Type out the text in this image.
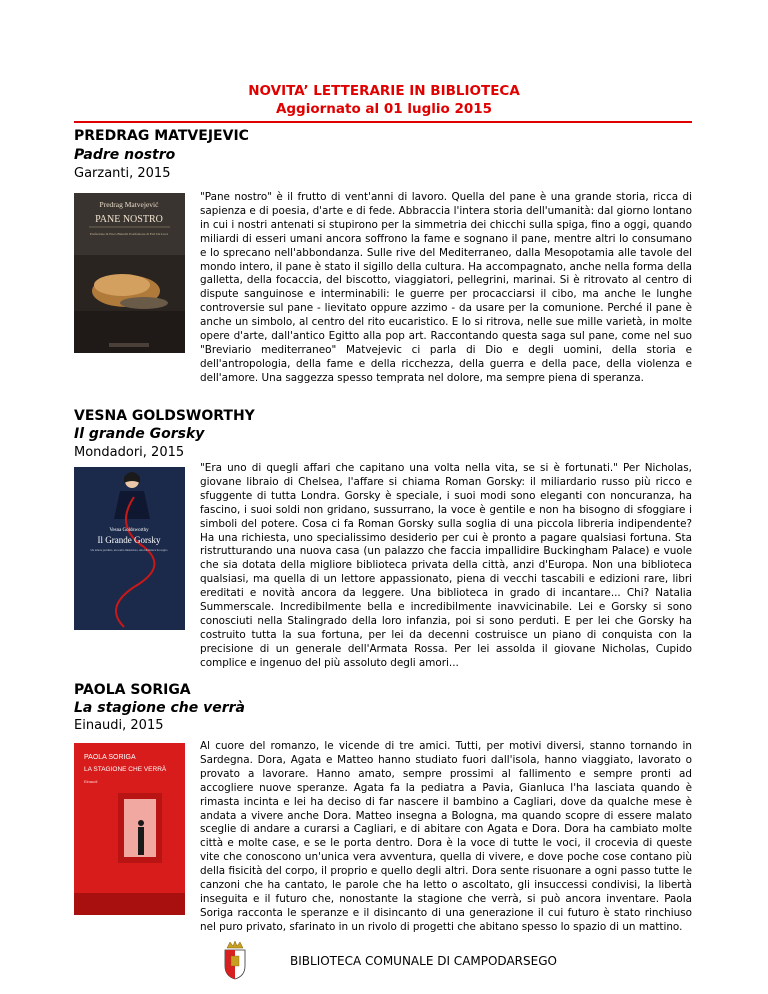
NOVITA’ LETTERARIE IN BIBLIOTECA
Aggiornato al 01 luglio 2015
PREDRAG MATVEJEVIC
Padre nostro
Garzanti, 2015
Predrag Matvejević
PANE NOSTRO
Prefazione di Enzo Bianchi Postfazione di Erri De Luca

"Pane nostro" è il frutto di vent'anni di lavoro. Quella del pane è una grande storia, ricca di sapienza e di poesia, d'arte e di fede. Abbraccia l'intera storia dell'umanità: dal giorno lontano in cui i nostri antenati si stupirono per la simmetria dei chicchi sulla spiga, fino a oggi, quando miliardi di esseri umani ancora soffrono la fame e sognano il pane, mentre altri lo consumano e lo sprecano nell'abbondanza. Sulle rive del Mediterraneo, dalla Mesopotamia alle tavole del mondo intero, il pane è stato il sigillo della cultura. Ha accompagnato, anche nella forma della galletta, della focaccia, del biscotto, viaggiatori, pellegrini, marinai. Si è ritrovato al centro di dispute sanguinose e interminabili: le guerre per procacciarsi il cibo, ma anche le lunghe controversie sul pane - lievitato oppure azzimo - da usare per la comunione. Perché il pane è anche un simbolo, al centro del rito eucaristico. E lo si ritrova, nelle sue mille varietà, in molte opere d'arte, dall'antico Egitto alla pop art. Raccontando questa saga sul pane, come nel suo "Breviario mediterraneo" Matvejevic ci parla di Dio e degli uomini, della storia e dell'antropologia, della fame e della ricchezza, della guerra e della pace, della violenza e dell'amore. Una saggezza spesso temprata nel dolore, ma sempre piena di speranza.

VESNA GOLDSWORTHY
Il grande Gorsky
Mondadori, 2015
Vesna Goldsworthy
Il Grande Gorsky
Un amore perduto, un uomo misterioso, una biblioteca da sogno

"Era uno di quegli affari che capitano una volta nella vita, se si è fortunati." Per Nicholas, giovane libraio di Chelsea, l'affare si chiama Roman Gorsky: il miliardario russo più ricco e sfuggente di tutta Londra. Gorsky è speciale, i suoi modi sono eleganti con noncuranza, ha fascino, i suoi soldi non gridano, sussurrano, la voce è gentile e non ha bisogno di sfoggiare i simboli del potere. Cosa ci fa Roman Gorsky sulla soglia di una piccola libreria indipendente? Ha una richiesta, uno specialissimo desiderio per cui è pronto a pagare qualsiasi fortuna. Sta ristrutturando una nuova casa (un palazzo che faccia impallidire Buckingham Palace) e vuole che sia dotata della migliore biblioteca privata della città, anzi d'Europa. Non una biblioteca qualsiasi, ma quella di un lettore appassionato, piena di vecchi tascabili e edizioni rare, libri ereditati e novità ancora da leggere. Una biblioteca in grado di incantare... Chi? Natalia Summerscale. Incredibilmente bella e incredibilmente inavvicinabile. Lei e Gorsky si sono conosciuti nella Stalingrado della loro infanzia, poi si sono perduti. E per lei che Gorsky ha costruito tutta la sua fortuna, per lei da decenni costruisce un piano di conquista con la precisione di un generale dell'Armata Rossa. Per lei assolda il giovane Nicholas, Cupido complice e ingenuo del più assoluto degli amori...

PAOLA SORIGA
La stagione che verrà
Einaudi, 2015
PAOLA SORIGA
LA STAGIONE CHE VERRÀ
Einaudi

Al cuore del romanzo, le vicende di tre amici. Tutti, per motivi diversi, stanno tornando in Sardegna. Dora, Agata e Matteo hanno studiato fuori dall'isola, hanno viaggiato, lavorato o provato a lavorare. Hanno amato, sempre prossimi al fallimento e sempre pronti ad accogliere nuove speranze. Agata fa la pediatra a Pavia, Gianluca l'ha lasciata quando è rimasta incinta e lei ha deciso di far nascere il bambino a Cagliari, dove da qualche mese è andata a vivere anche Dora. Matteo insegna a Bologna, ma quando scopre di essere malato sceglie di andare a curarsi a Cagliari, e di abitare con Agata e Dora. Dora ha cambiato molte città e molte case, e se le porta dentro. Dora è la voce di tutte le voci, il crocevia di queste vite che conoscono un'unica vera avventura, quella di vivere, e dove poche cose contano più della fisicità del corpo, il proprio e quello degli altri. Dora sente risuonare a ogni passo tutte le canzoni che ha cantato, le parole che ha letto o ascoltato, gli insuccessi condivisi, la libertà inseguita e il futuro che, nonostante la stagione che verrà, si può ancora inventare. Paola Soriga racconta le speranze e il disincanto di una generazione il cui futuro è stato rinchiuso nel puro privato, sfarinato in un rivolo di progetti che abitano spesso lo spazio di un mattino.

BIBLIOTECA COMUNALE DI CAMPODARSEGO
